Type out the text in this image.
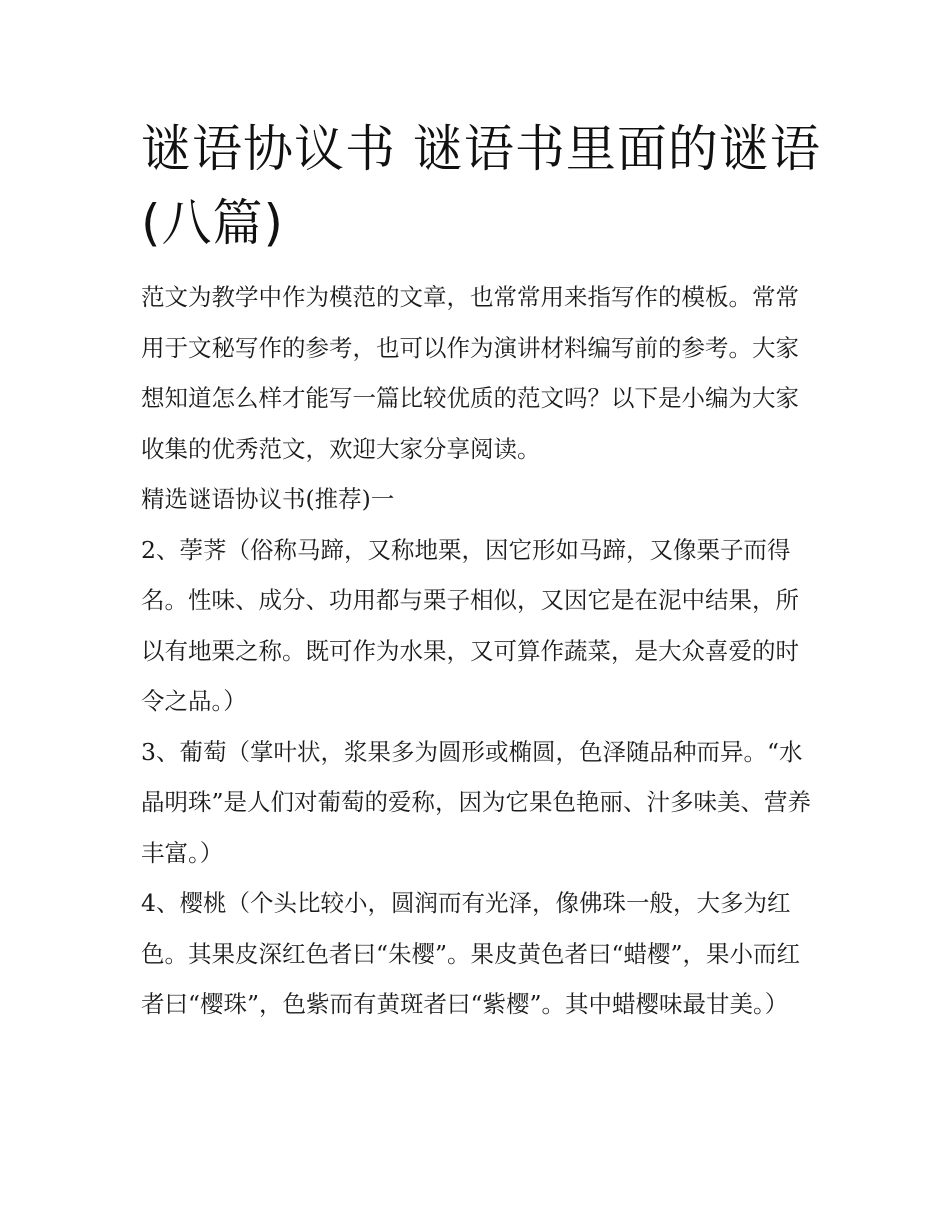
谜语协议书 谜语书里面的谜语(八篇)

范文为教学中作为模范的文章，也常常用来指写作的模板。常常用于文秘写作的参考，也可以作为演讲材料编写前的参考。大家想知道怎么样才能写一篇比较优质的范文吗？以下是小编为大家收集的优秀范文，欢迎大家分享阅读。

精选谜语协议书(推荐)一

2、荸荠（俗称马蹄，又称地栗，因它形如马蹄，又像栗子而得名。性味、成分、功用都与栗子相似，又因它是在泥中结果，所以有地栗之称。既可作为水果，又可算作蔬菜，是大众喜爱的时令之品。）

3、葡萄（掌叶状，浆果多为圆形或椭圆，色泽随品种而异。“水晶明珠”是人们对葡萄的爱称，因为它果色艳丽、汁多味美、营养丰富。）

4、樱桃（个头比较小，圆润而有光泽，像佛珠一般，大多为红色。其果皮深红色者曰“朱樱”。果皮黄色者曰“蜡樱”，果小而红者曰“樱珠”，色紫而有黄斑者曰“紫樱”。其中蜡樱味最甘美。）
